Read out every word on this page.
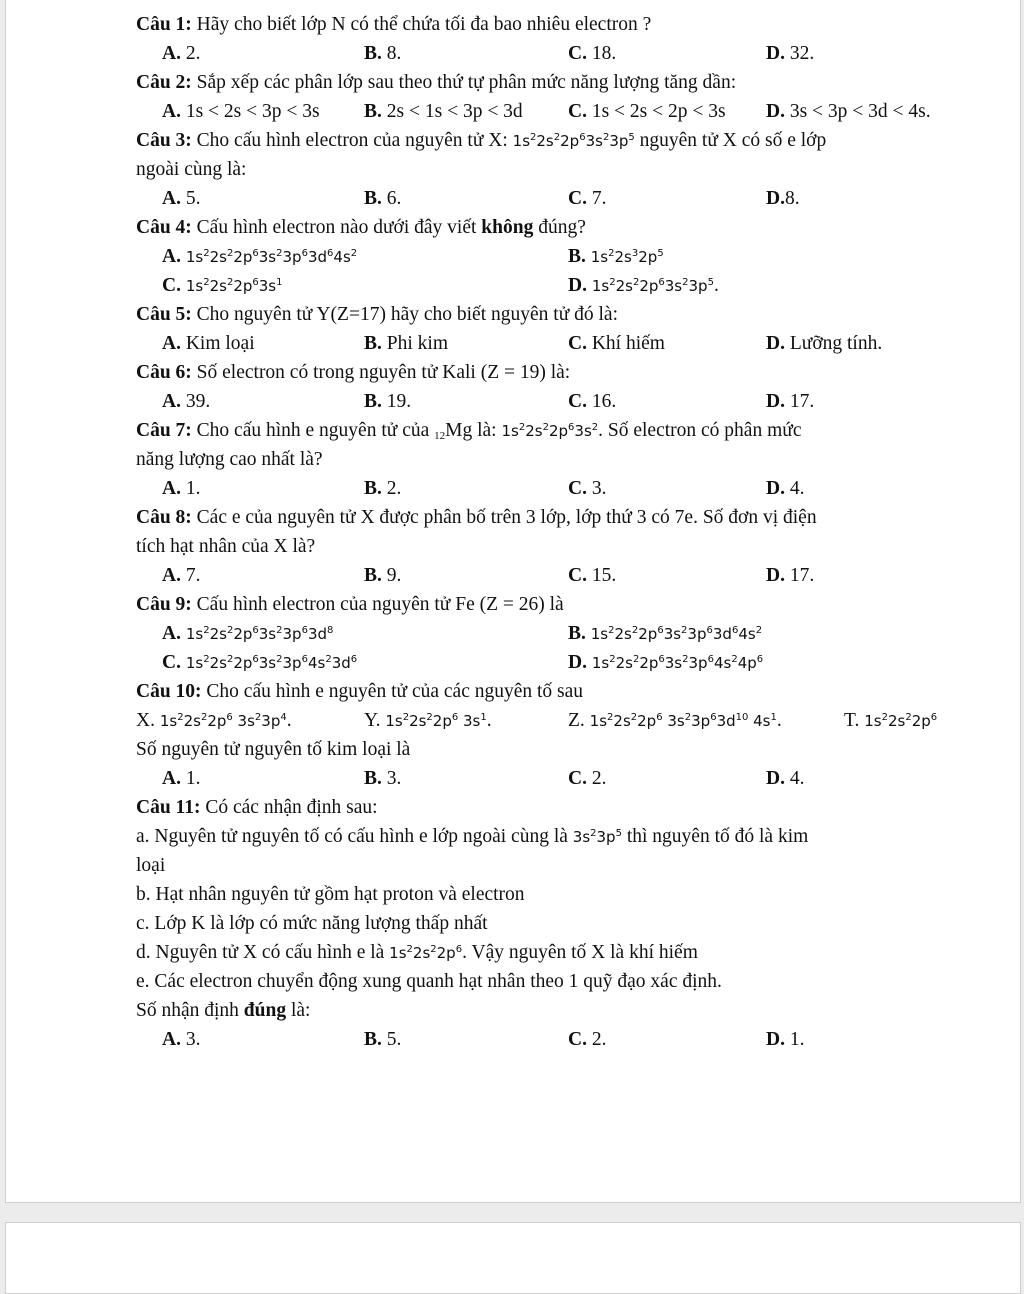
Câu 1: Hãy cho biết lớp N có thể chứa tối đa bao nhiêu electron ?
A. 2.	B. 8.	C. 18.	D. 32.
Câu 2: Sắp xếp các phân lớp sau theo thứ tự phân mức năng lượng tăng dần:
A. 1s < 2s < 3p < 3s B. 2s < 1s < 3p < 3d C. 1s < 2s < 2p < 3s D. 3s < 3p < 3d < 4s.
Câu 3: Cho cấu hình electron của nguyên tử X: $1s^22s^22p^63s^23p^5$ nguyên tử X có số e lớp
ngoài cùng là:
A. 5.	B. 6.	C. 7.	D.8.
Câu 4: Cấu hình electron nào dưới đây viết không đúng?
A. $1s^22s^22p^63s^23p^63d^64s^2$	B. $1s^22s^32p^5$
C. $1s^22s^22p^63s^1$	D. $1s^22s^22p^63s^23p^5$.
Câu 5: Cho nguyên tử Y(Z=17) hãy cho biết nguyên tử đó là:
A. Kim loại	B. Phi kim	C. Khí hiếm	D. Lưỡng tính.
Câu 6: Số electron có trong nguyên tử Kali (Z = 19) là:
A. 39.	B. 19.	C. 16.	D. 17.
Câu 7: Cho cấu hình e nguyên tử của $_{12}$Mg là: $1s^22s^22p^63s^2$. Số electron có phân mức
năng lượng cao nhất là?
A. 1.	B. 2.	C. 3.	D. 4.
Câu 8: Các e của nguyên tử X được phân bố trên 3 lớp, lớp thứ 3 có 7e. Số đơn vị điện
tích hạt nhân của X là?
A. 7.	B. 9.	C. 15.	D. 17.
Câu 9: Cấu hình electron của nguyên tử Fe (Z = 26) là
A. $1s^22s^22p^63s^23p^63d^8$	B. $1s^22s^22p^63s^23p^63d^64s^2$
C. $1s^22s^22p^63s^23p^64s^23d^6$	D. $1s^22s^22p^63s^23p^64s^24p^6$
Câu 10: Cho cấu hình e nguyên tử của các nguyên tố sau
X. $1s^22s^22p^6$ $3s^23p^4$.	Y. $1s^22s^22p^6$ $3s^1$.	Z. $1s^22s^22p^6$ $3s^23p^63d^{10}$ $4s^1$.	T. $1s^22s^22p^6$
Số nguyên tử nguyên tố kim loại là
A. 1.	B. 3.	C. 2.	D. 4.
Câu 11: Có các nhận định sau:
a. Nguyên tử nguyên tố có cấu hình e lớp ngoài cùng là $3s^23p^5$ thì nguyên tố đó là kim
loại
b. Hạt nhân nguyên tử gồm hạt proton và electron
c. Lớp K là lớp có mức năng lượng thấp nhất
d. Nguyên tử X có cấu hình e là $1s^22s^22p^6$. Vậy nguyên tố X là khí hiếm
e. Các electron chuyển động xung quanh hạt nhân theo 1 quỹ đạo xác định.
Số nhận định đúng là:
A. 3.	B. 5.	C. 2.	D. 1.
